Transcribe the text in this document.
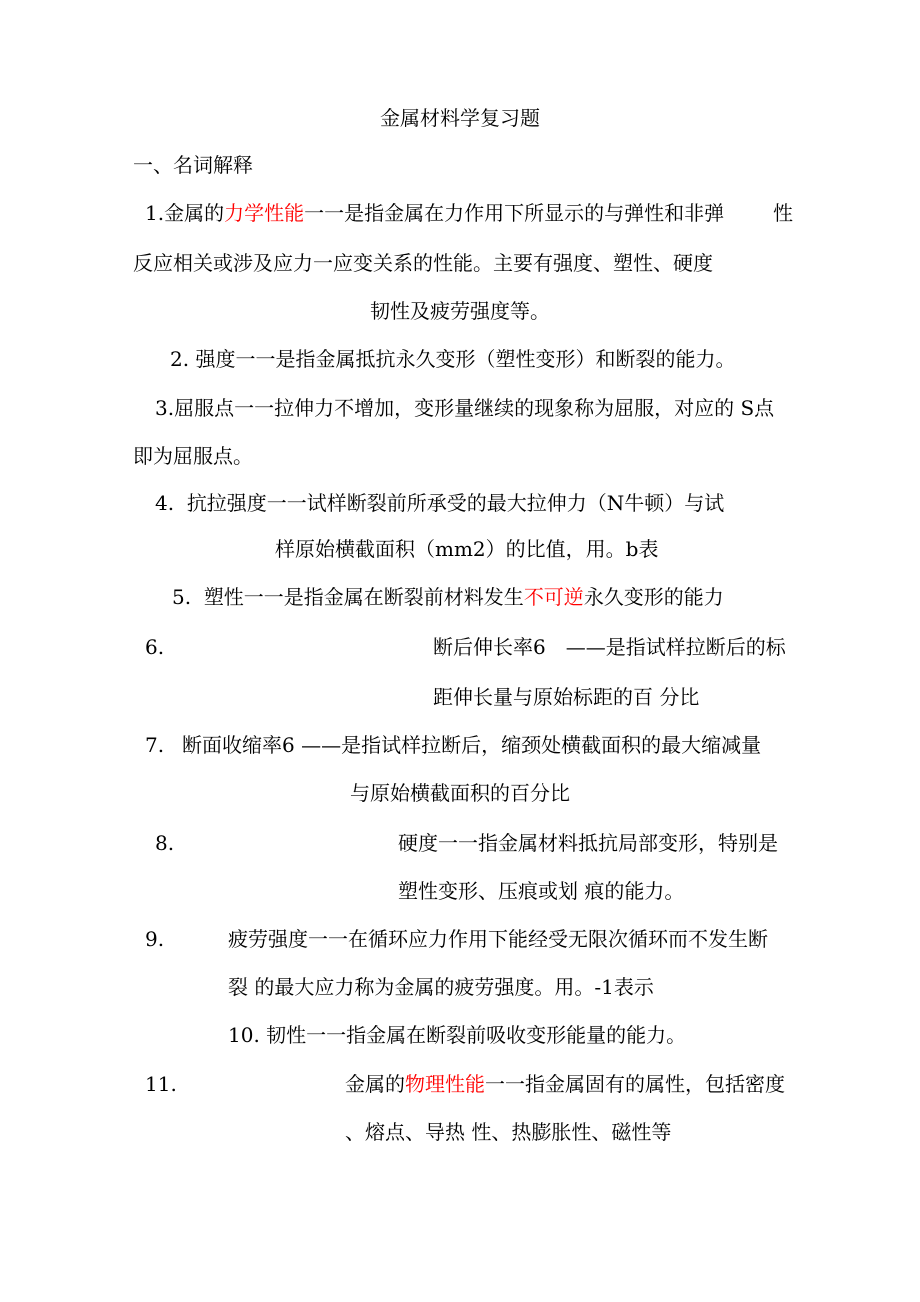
金属材料学复习题
一、名词解释
1.金属的力学性能一一是指金属在力作用下所显示的与弹性和非弹 性
反应相关或涉及应力一应变关系的性能。主要有强度、塑性、硬度
韧性及疲劳强度等。
2. 强度一一是指金属抵抗永久变形（塑性变形）和断裂的能力。
3.屈服点一一拉伸力不增加，变形量继续的现象称为屈服，对应的 S点
即为屈服点。
4. 抗拉强度一一试样断裂前所承受的最大拉伸力（N牛顿）与试
样原始横截面积（mm2）的比值，用。b表
5. 塑性一一是指金属在断裂前材料发生不可逆永久变形的能力
6.	断后伸长率6　——是指试样拉断后的标
距伸长量与原始标距的百 分比
7. 断面收缩率6 ——是指试样拉断后，缩颈处横截面积的最大缩减量
与原始横截面积的百分比
8.	硬度一一指金属材料抵抗局部变形，特别是
塑性变形、压痕或划 痕的能力。
9.	疲劳强度一一在循环应力作用下能经受无限次循环而不发生断
裂 的最大应力称为金属的疲劳强度。用。-1表示
10. 韧性一一指金属在断裂前吸收变形能量的能力。
11.	金属的物理性能一一指金属固有的属性，包括密度
、熔点、导热 性、热膨胀性、磁性等
